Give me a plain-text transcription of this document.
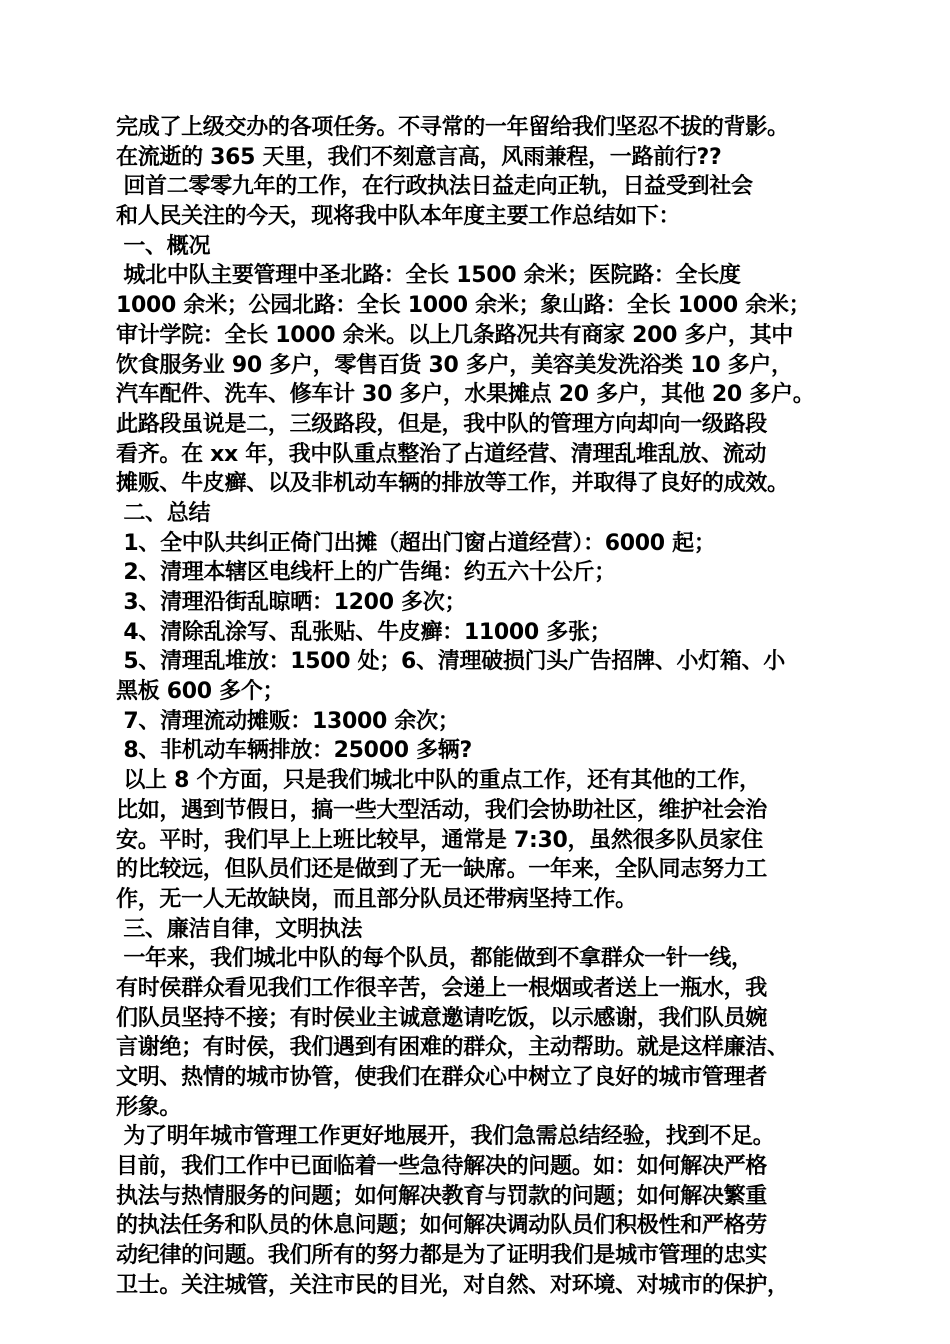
完成了上级交办的各项任务。不寻常的一年留给我们坚忍不拔的背影。
在流逝的 365 天里，我们不刻意言高，风雨兼程，一路前行??
回首二零零九年的工作，在行政执法日益走向正轨，日益受到社会
和人民关注的今天，现将我中队本年度主要工作总结如下：
一、概况
城北中队主要管理中圣北路：全长 1500 余米；医院路：全长度
1000 余米；公园北路：全长 1000 余米；象山路：全长 1000 余米；
审计学院：全长 1000 余米。以上几条路况共有商家 200 多户，其中
饮食服务业 90 多户，零售百货 30 多户，美容美发洗浴类 10 多户，
汽车配件、洗车、修车计 30 多户，水果摊点 20 多户，其他 20 多户。
此路段虽说是二，三级路段，但是，我中队的管理方向却向一级路段
看齐。在 xx 年，我中队重点整治了占道经营、清理乱堆乱放、流动
摊贩、牛皮癣、以及非机动车辆的排放等工作，并取得了良好的成效。
二、总结
1、全中队共纠正倚门出摊（超出门窗占道经营）：6000 起；
2、清理本辖区电线杆上的广告绳：约五六十公斤；
3、清理沿街乱晾晒：1200 多次；
4、清除乱涂写、乱张贴、牛皮癣：11000 多张；
5、清理乱堆放：1500 处；6、清理破损门头广告招牌、小灯箱、小
黑板 600 多个；
7、清理流动摊贩：13000 余次；
8、非机动车辆排放：25000 多辆?
以上 8 个方面，只是我们城北中队的重点工作，还有其他的工作，
比如，遇到节假日，搞一些大型活动，我们会协助社区，维护社会治
安。平时，我们早上上班比较早，通常是 7:30，虽然很多队员家住
的比较远，但队员们还是做到了无一缺席。一年来，全队同志努力工
作，无一人无故缺岗，而且部分队员还带病坚持工作。
三、廉洁自律，文明执法
一年来，我们城北中队的每个队员，都能做到不拿群众一针一线，
有时侯群众看见我们工作很辛苦，会递上一根烟或者送上一瓶水，我
们队员坚持不接；有时侯业主诚意邀请吃饭，以示感谢，我们队员婉
言谢绝；有时侯，我们遇到有困难的群众，主动帮助。就是这样廉洁、
文明、热情的城市协管，使我们在群众心中树立了良好的城市管理者
形象。
为了明年城市管理工作更好地展开，我们急需总结经验，找到不足。
目前，我们工作中已面临着一些急待解决的问题。如：如何解决严格
执法与热情服务的问题；如何解决教育与罚款的问题；如何解决繁重
的执法任务和队员的休息问题；如何解决调动队员们积极性和严格劳
动纪律的问题。我们所有的努力都是为了证明我们是城市管理的忠实
卫士。关注城管，关注市民的目光，对自然、对环境、对城市的保护，
